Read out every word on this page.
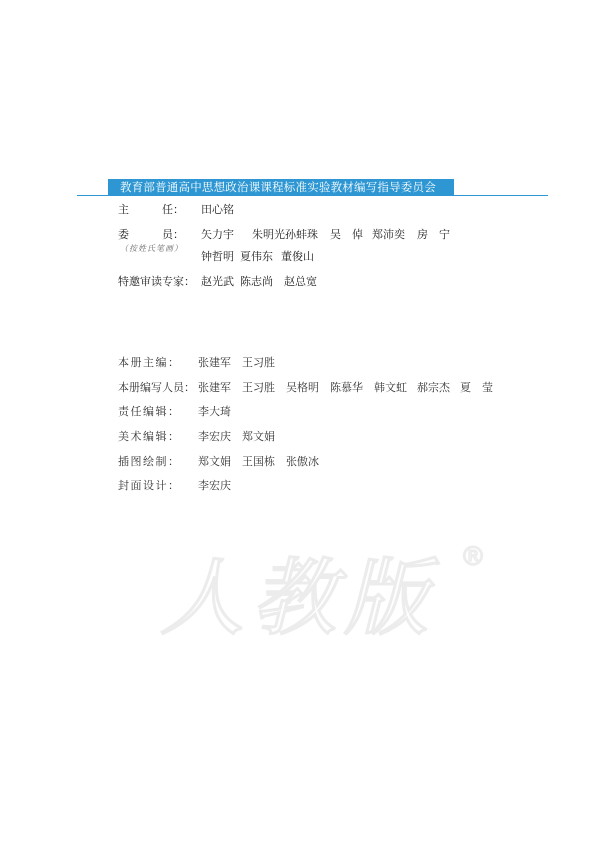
教育部普通高中思想政治课课程标准实验教材编写指导委员会
主　　　任： 田心铭
委　　　员： 矢力宇 朱明光 孙蚌珠 吴　倬 郑沛奕 房　宁
（按姓氏笔画）
钟哲明 夏伟东 董俊山
特邀审读专家： 赵光武 陈志尚 赵总宽
本册主编： 张建军 王习胜
本册编写人员： 张建军 王习胜 吴格明 陈慕华 韩文虹 郝宗杰 夏　莹
责任编辑： 李大琦
美术编辑： 李宏庆 郑文娟
插图绘制： 郑文娟 王国栋 张傲冰
封面设计： 李宏庆
人教版 ®
